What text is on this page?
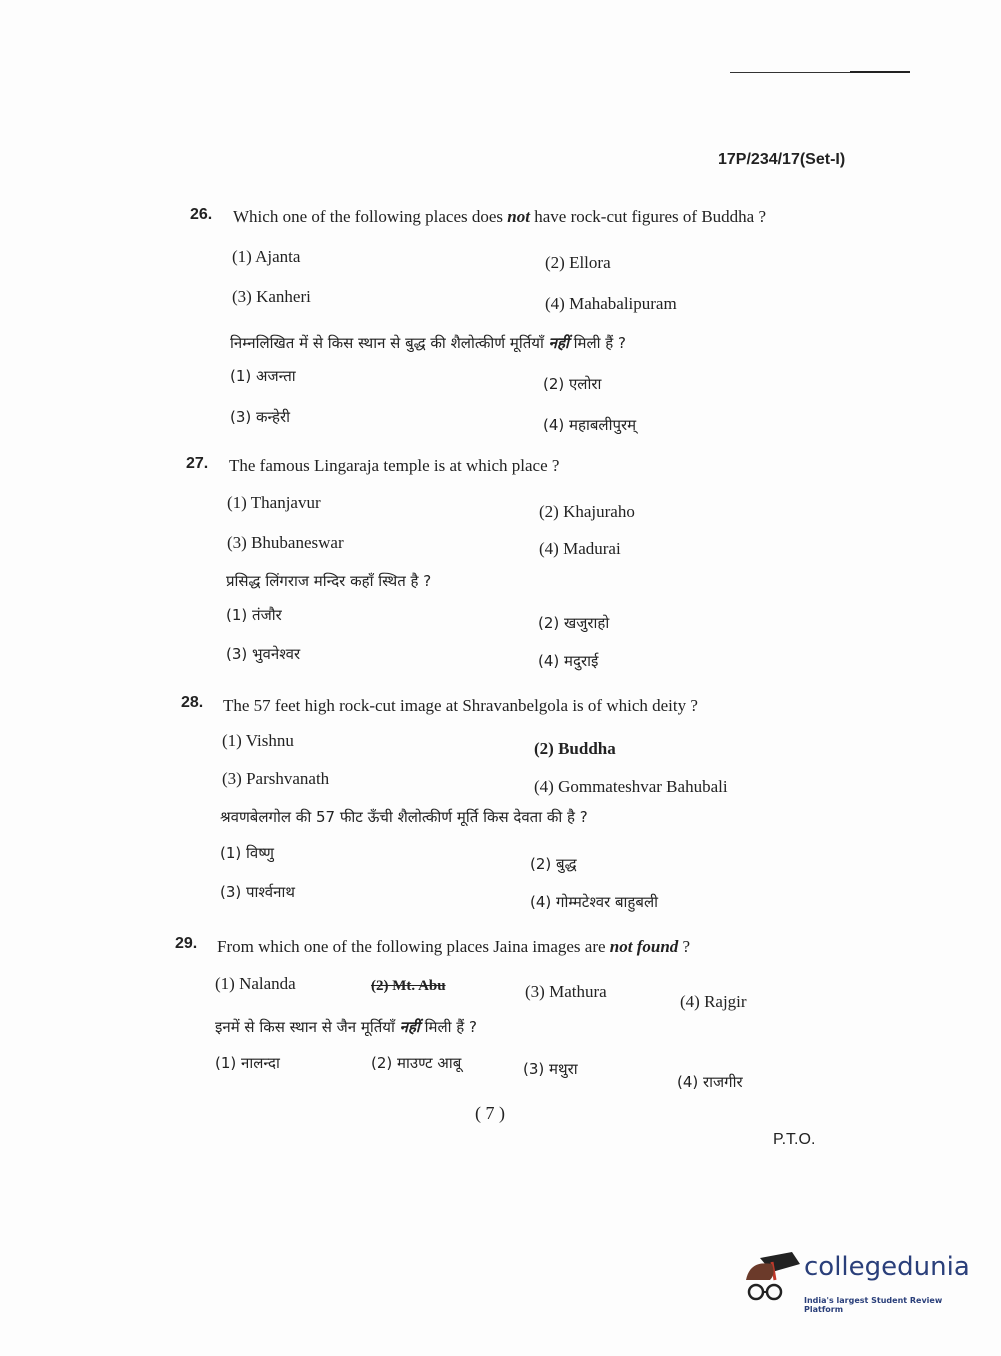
17P/234/17(Set-I)
26. Which one of the following places does not have rock-cut figures of Buddha ?
(1) Ajanta	(2) Ellora
(3) Kanheri	(4) Mahabalipuram
निम्नलिखित में से किस स्थान से बुद्ध की शैलोत्कीर्ण मूर्तियाँ नहीं मिली हैं ?
(1) अजन्ता	(2) एलोरा
(3) कन्हेरी	(4) महाबलीपुरम्
27. The famous Lingaraja temple is at which place ?
(1) Thanjavur	(2) Khajuraho
(3) Bhubaneswar	(4) Madurai
प्रसिद्ध लिंगराज मन्दिर कहाँ स्थित है ?
(1) तंजौर	(2) खजुराहो
(3) भुवनेश्वर	(4) मदुराई
28. The 57 feet high rock-cut image at Shravanbelgola is of which deity ?
(1) Vishnu	(2) Buddha
(3) Parshvanath	(4) Gommateshvar Bahubali
श्रवणबेलगोल की 57 फीट ऊँची शैलोत्कीर्ण मूर्ति किस देवता की है ?
(1) विष्णु
(2) बुद्ध
(3) पार्श्वनाथ
(4) गोम्मटेश्वर बाहुबली
29. From which one of the following places Jaina images are not found ?
(1) Nalanda	(2) Mt. Abu	(3) Mathura
(4) Rajgir
इनमें से किस स्थान से जैन मूर्तियाँ नहीं मिली हैं ?
(1) नालन्दा	(2) माउण्ट आबू	(3) मथुरा
(4) राजगीर
( 7 )
P.T.O.
collegedunia
India's largest Student Review Platform
